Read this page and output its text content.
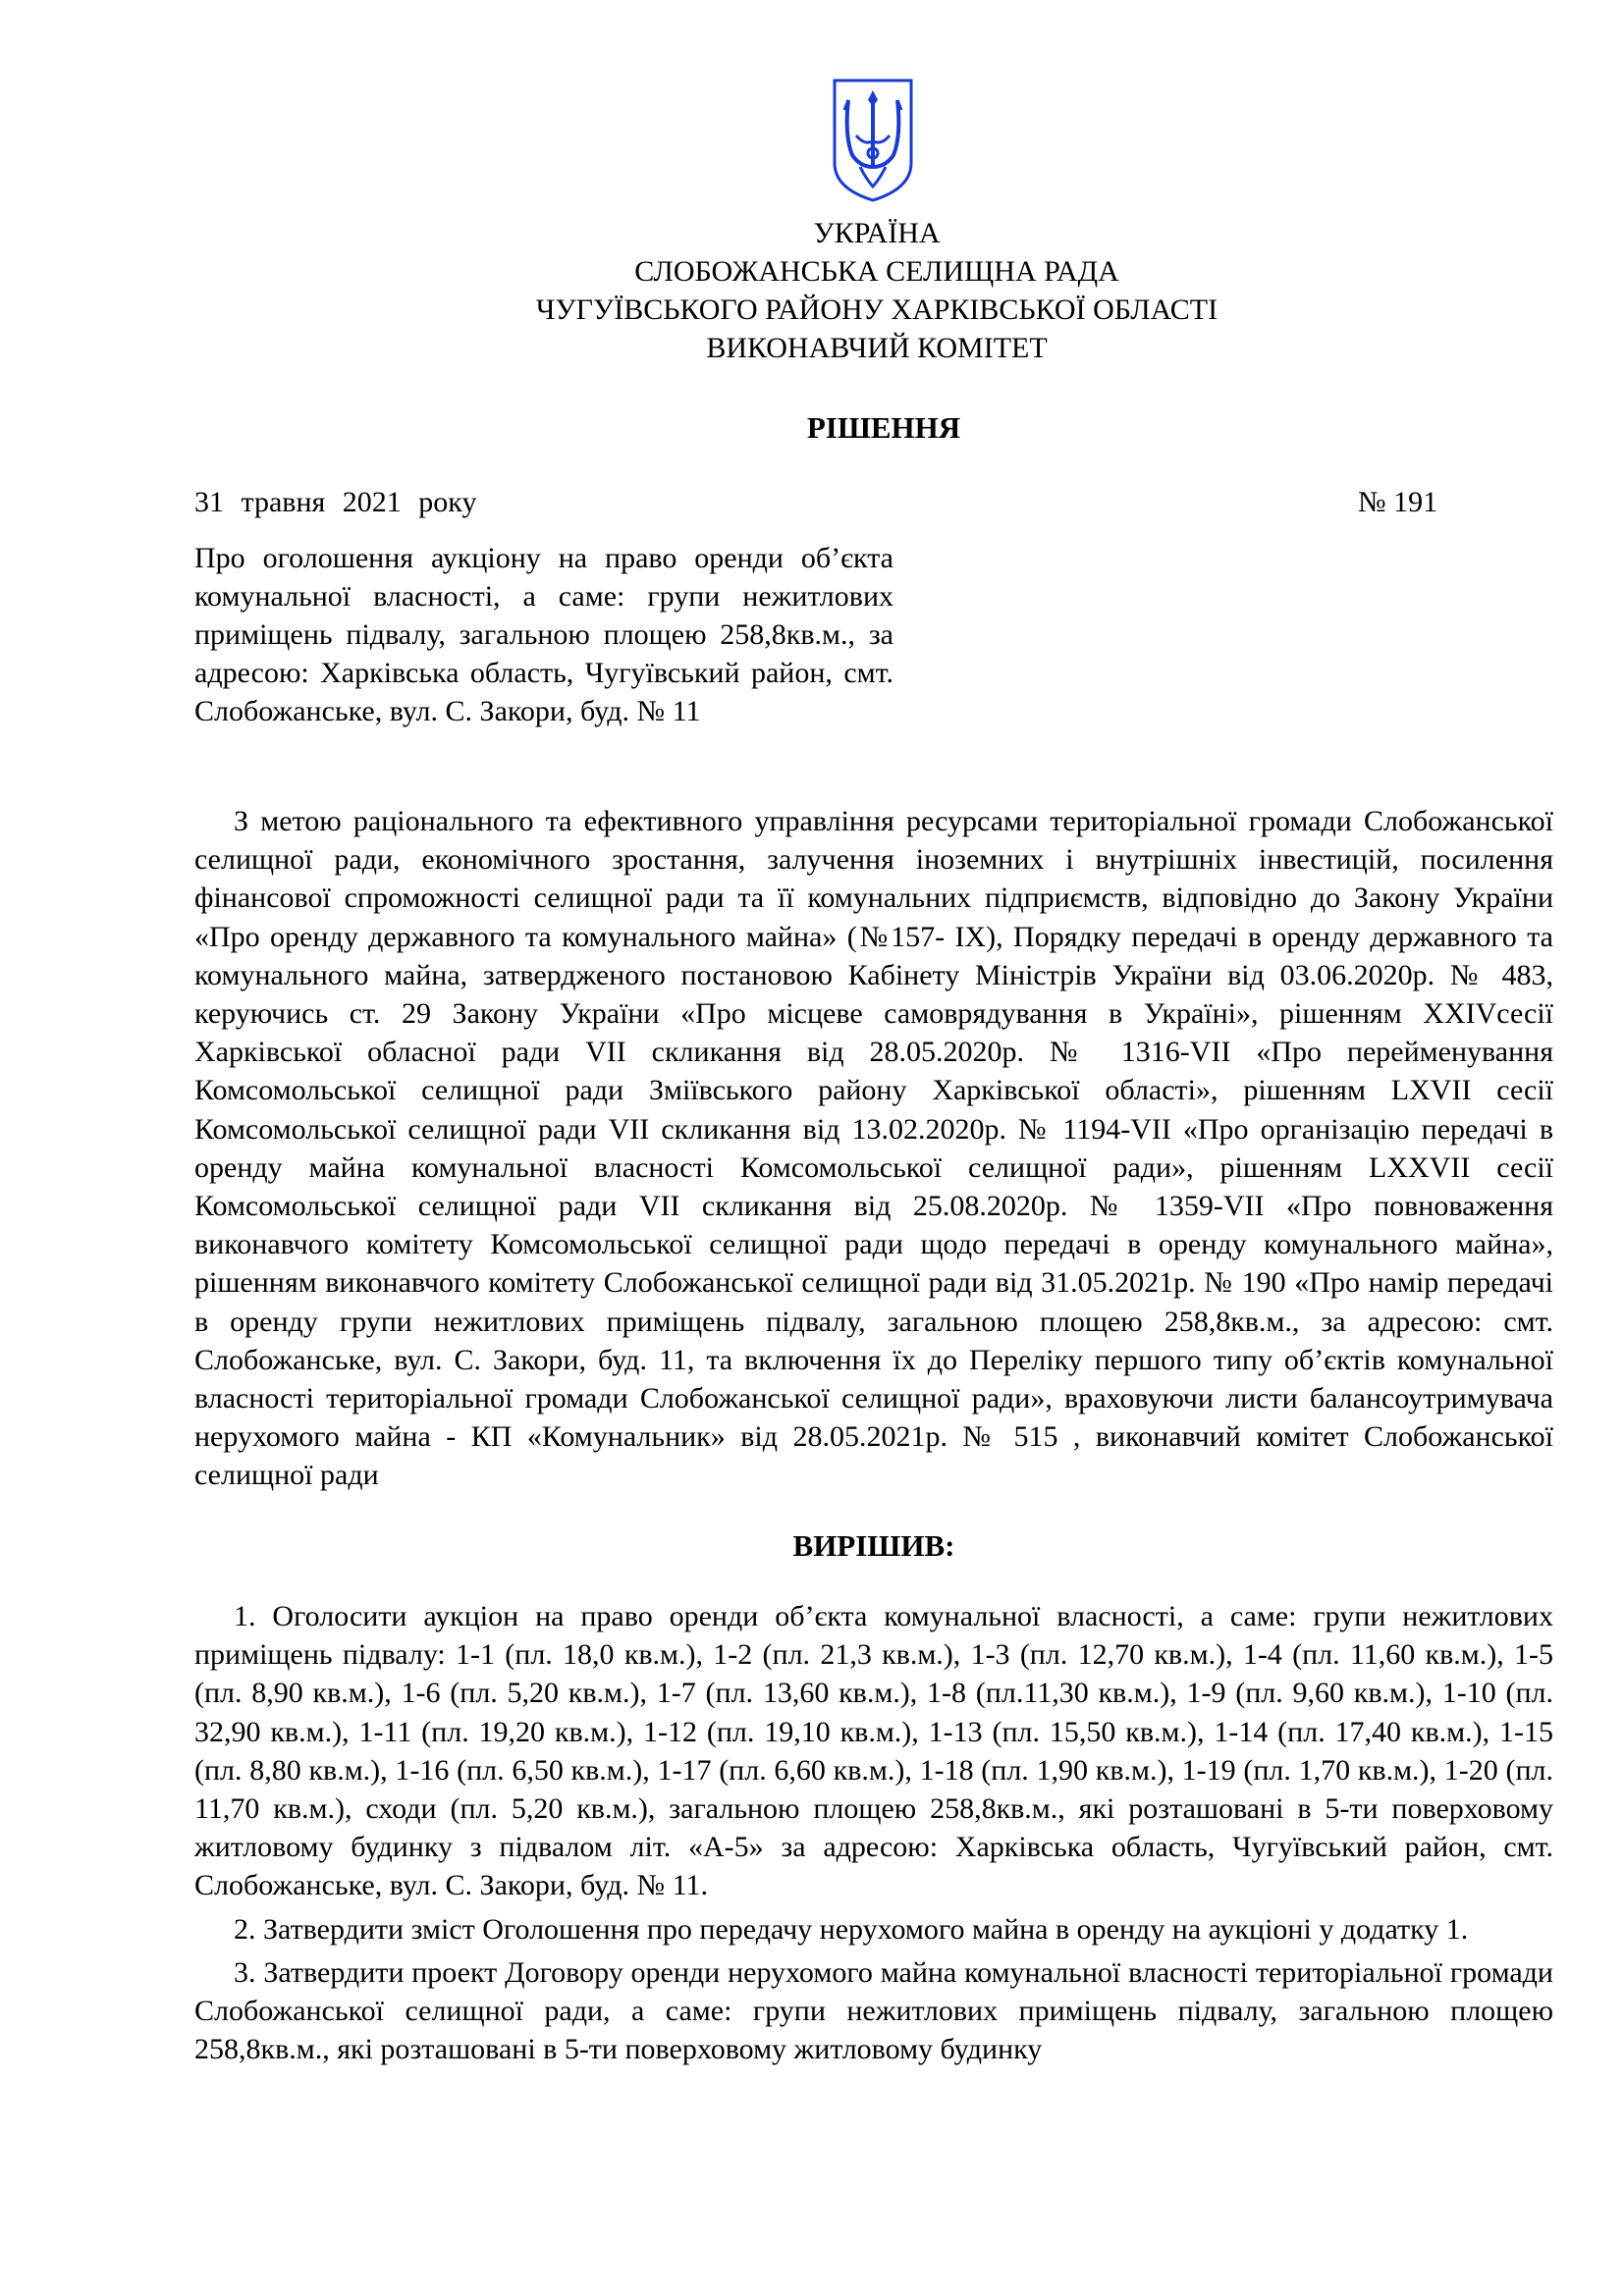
УКРАЇНА
СЛОБОЖАНСЬКА СЕЛИЩНА РАДА
ЧУГУЇВСЬКОГО РАЙОНУ ХАРКІВСЬКОЇ ОБЛАСТІ
ВИКОНАВЧИЙ КОМІТЕТ
РІШЕННЯ
31 травня 2021 року	№ 191
Про оголошення аукціону на право оренди об’єкта комунальної власності, а саме: групи нежитлових приміщень підвалу, загальною площею 258,8кв.м., за адресою: Харківська область, Чугуївський район, смт. Слобожанське, вул. С. Закори, буд. № 11
З метою раціонального та ефективного управління ресурсами територіальної громади Слобожанської селищної ради, економічного зростання, залучення іноземних і внутрішніх інвестицій, посилення фінансової спроможності селищної ради та її комунальних підприємств, відповідно до Закону України «Про оренду державного та комунального майна» (№157- ІХ), Порядку передачі в оренду державного та комунального майна, затвердженого постановою Кабінету Міністрів України від 03.06.2020р. № 483, керуючись ст. 29 Закону України «Про місцеве самоврядування в Україні», рішенням XXIVсесії Харківської обласної ради VII скликання від 28.05.2020р. № 1316-VII «Про перейменування Комсомольської селищної ради Зміївського району Харківської області», рішенням LXVII сесії Комсомольської селищної ради VII скликання від 13.02.2020р. № 1194-VII «Про організацію передачі в оренду майна комунальної власності Комсомольської селищної ради», рішенням LXXVII сесії Комсомольської селищної ради VII скликання від 25.08.2020р. № 1359-VII «Про повноваження виконавчого комітету Комсомольської селищної ради щодо передачі в оренду комунального майна», рішенням виконавчого комітету Слобожанської селищної ради від 31.05.2021р. № 190 «Про намір передачі в оренду групи нежитлових приміщень підвалу, загальною площею 258,8кв.м., за адресою: смт. Слобожанське, вул. С. Закори, буд. 11, та включення їх до Переліку першого типу об’єктів комунальної власності територіальної громади Слобожанської селищної ради», враховуючи листи балансоутримувача нерухомого майна - КП «Комунальник» від 28.05.2021р. № 515 , виконавчий комітет Слобожанської селищної ради
ВИРІШИВ:

1. Оголосити аукціон на право оренди об’єкта комунальної власності, а саме: групи нежитлових приміщень підвалу: 1-1 (пл. 18,0 кв.м.), 1-2 (пл. 21,3 кв.м.), 1-3 (пл. 12,70 кв.м.), 1-4 (пл. 11,60 кв.м.), 1-5 (пл. 8,90 кв.м.), 1-6 (пл. 5,20 кв.м.), 1-7 (пл. 13,60 кв.м.), 1-8 (пл.11,30 кв.м.), 1-9 (пл. 9,60 кв.м.), 1-10 (пл. 32,90 кв.м.), 1-11 (пл. 19,20 кв.м.), 1-12 (пл. 19,10 кв.м.), 1-13 (пл. 15,50 кв.м.), 1-14 (пл. 17,40 кв.м.), 1-15 (пл. 8,80 кв.м.), 1-16 (пл. 6,50 кв.м.), 1-17 (пл. 6,60 кв.м.), 1-18 (пл. 1,90 кв.м.), 1-19 (пл. 1,70 кв.м.), 1-20 (пл. 11,70 кв.м.), сходи (пл. 5,20 кв.м.), загальною площею 258,8кв.м., які розташовані в 5-ти поверховому житловому будинку з підвалом літ. «А-5» за адресою: Харківська область, Чугуївський район, смт. Слобожанське, вул. С. Закори, буд. № 11.

2. Затвердити зміст Оголошення про передачу нерухомого майна в оренду на аукціоні у додатку 1.

3. Затвердити проект Договору оренди нерухомого майна комунальної власності територіальної громади Слобожанської селищної ради, а саме: групи нежитлових приміщень підвалу, загальною площею 258,8кв.м., які розташовані в 5-ти поверховому житловому будинку
